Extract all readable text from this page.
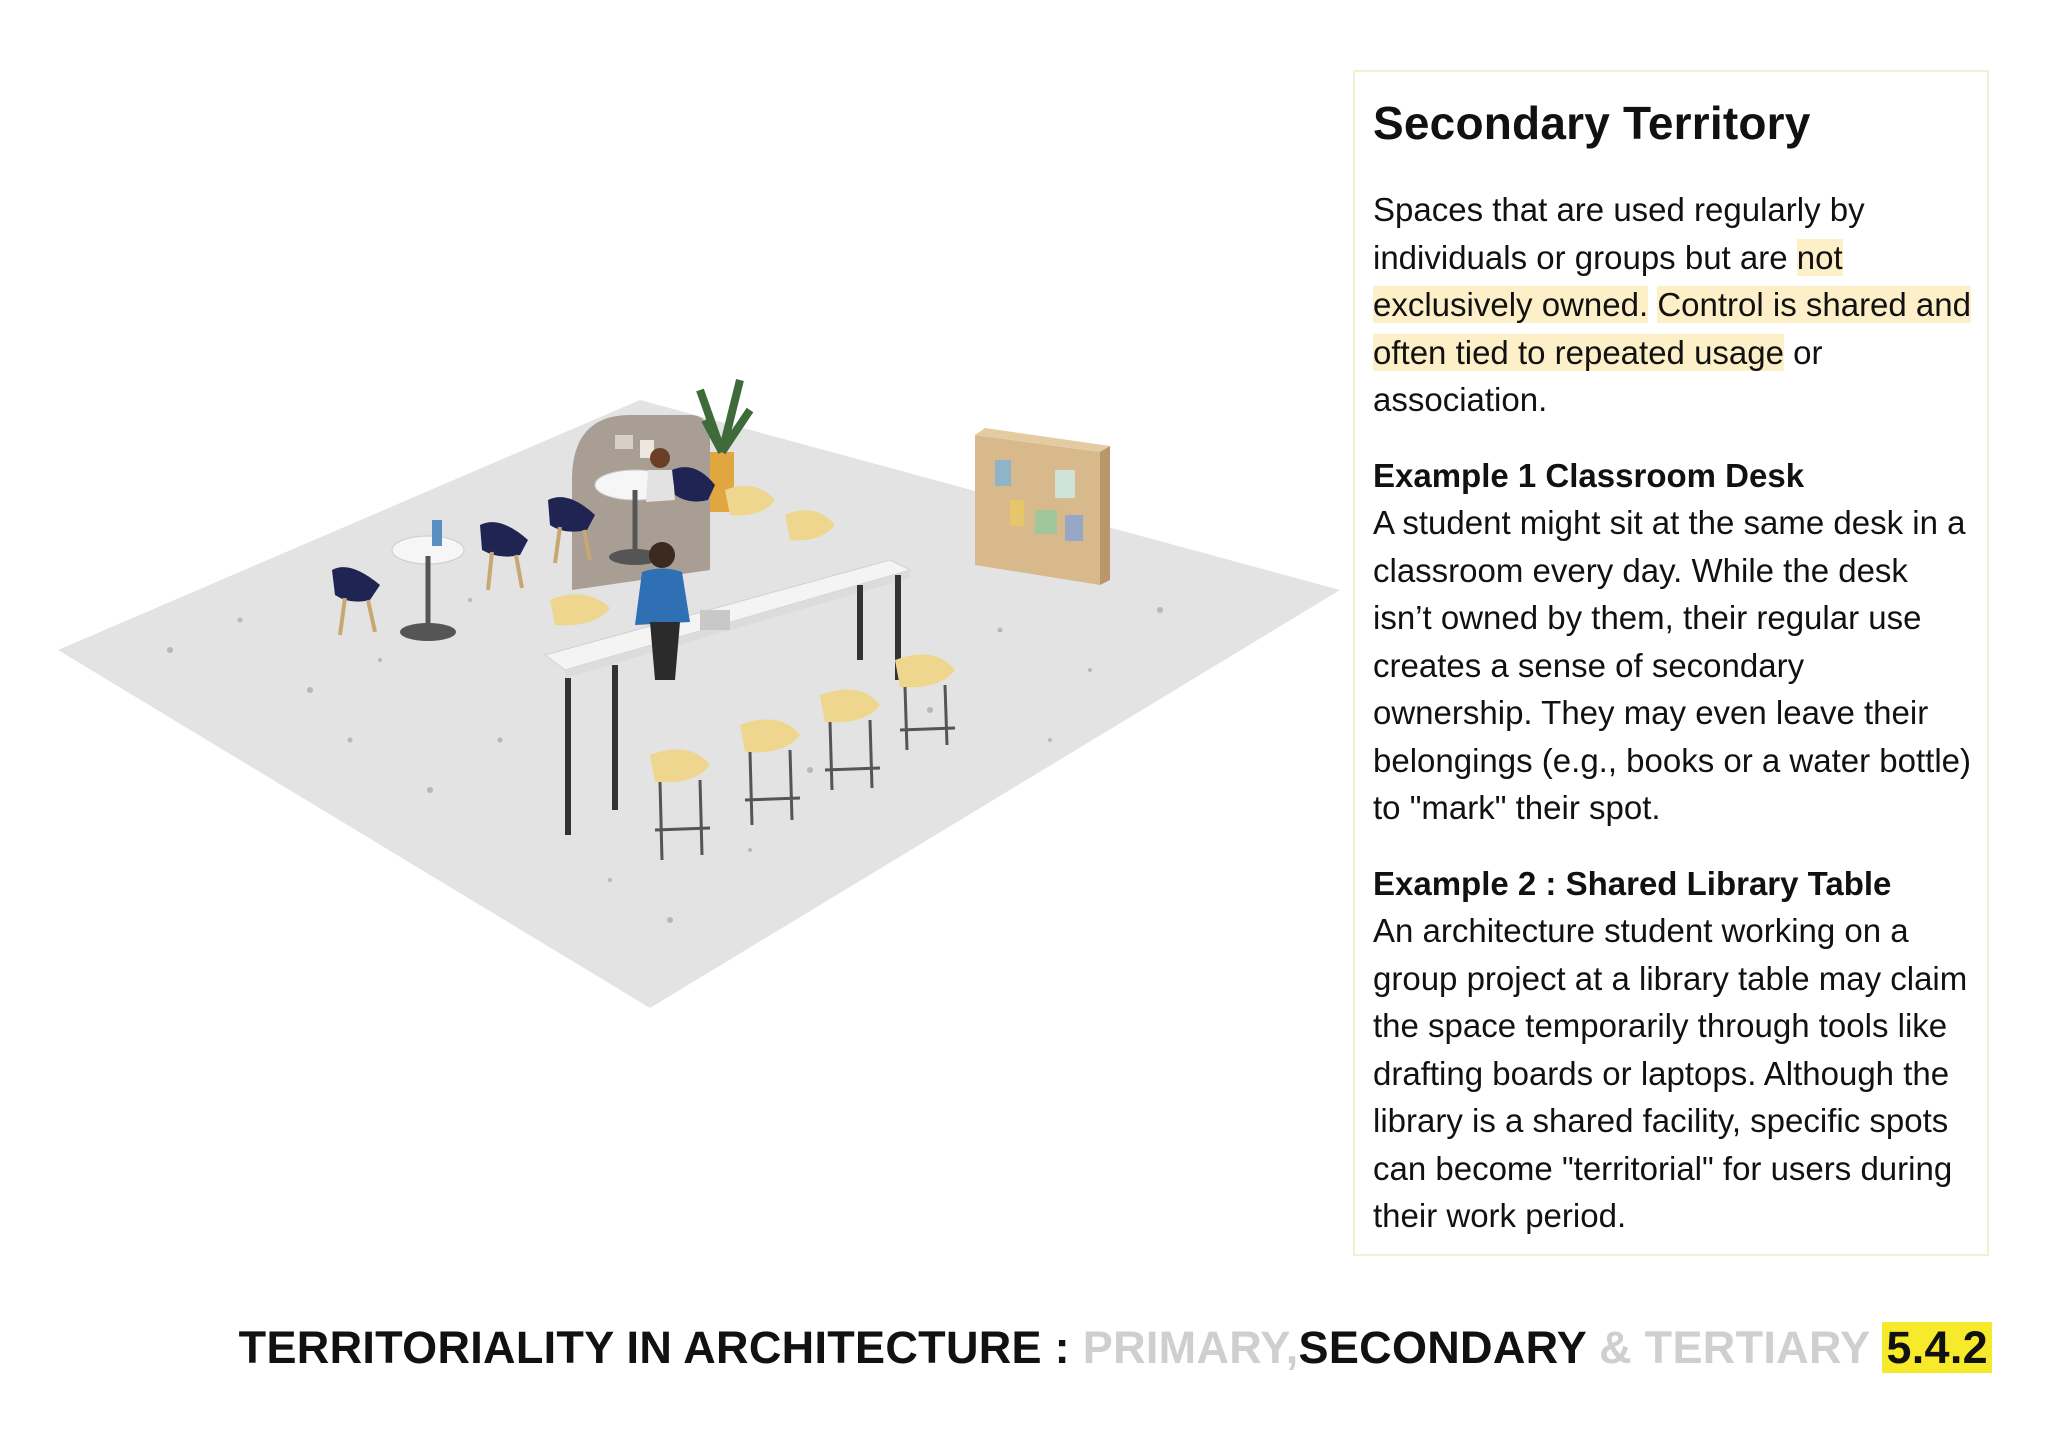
Secondary Territory

Spaces that are used regularly by individuals or groups but are not exclusively owned. Control is shared and often tied to repeated usage or association.

Example 1 Classroom Desk

A student might sit at the same desk in a classroom every day. While the desk isn’t owned by them, their regular use creates a sense of secondary ownership. They may even leave their belongings (e.g., books or a water bottle) to "mark" their spot.

Example 2 : Shared Library Table

An architecture student working on a group project at a library table may claim the space temporarily through tools like drafting boards or laptops. Although the library is a shared facility, specific spots can become "territorial" for users during their work period.

TERRITORIALITY IN ARCHITECTURE : PRIMARY,SECONDARY & TERTIARY 5.4.2
